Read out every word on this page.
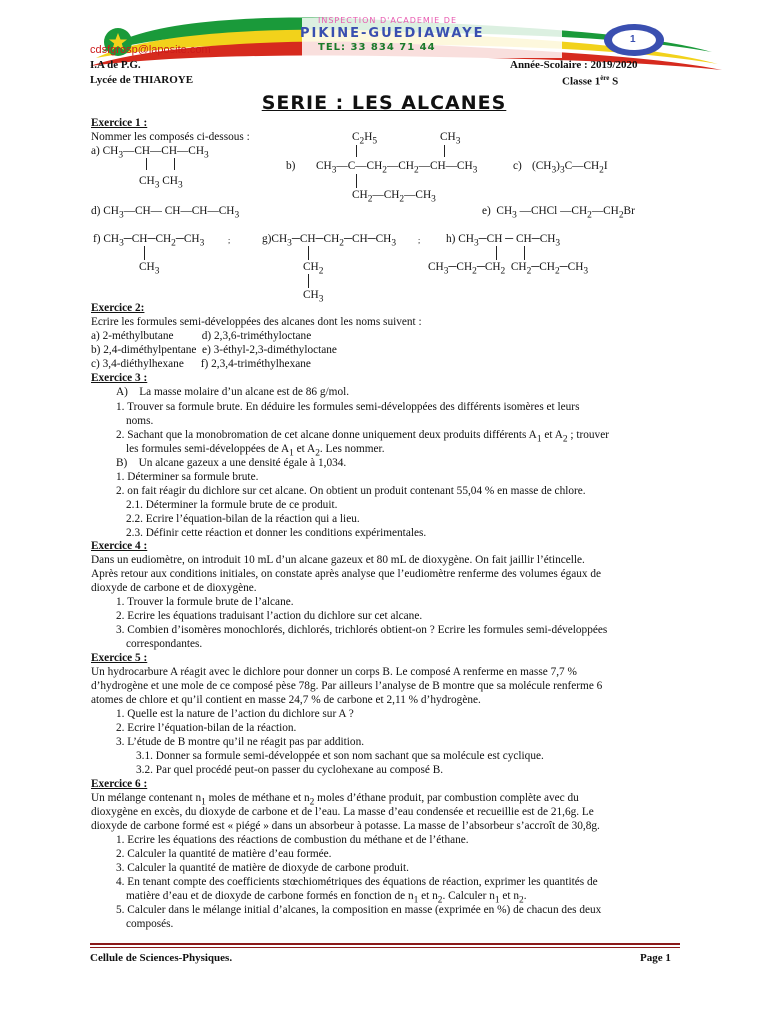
INSPECTION D'ACADEMIE DE
PIKINE-GUEDIAWAYE
TEL: 33 834 71 44
cdsfgrosp@laposite.com
1
I.A de P.G.
Lycée de THIAROYE
Année-Scolaire : 2019/2020
Classe 1ère S
SERIE : LES ALCANES
Exercice 1 :
Nommer les composés ci-dessous :
a) $CH_3—CH—CH—CH_3$
$CH_3$ $CH_3$
$C_2H_5$	$CH_3$
b) $CH_3—C—CH_2—CH_2—CH—CH_3$
$CH_2—CH_2—CH_3$
c) $(CH_3)_3C—CH_2I$
d) $CH_3—CH—$ $CH—CH—CH_3$	e)  $CH_3$ —CHCl $—CH_2—CH_2Br$
f) $CH_3─CH─CH_2─CH_3$	;
$CH_3$
$g)CH_3─CH─CH_2─CH─CH_3$	;
$CH_2$
$CH_3$
h) $CH_3─CH$ ─ $CH─CH_3$
$CH_3─CH_2─CH_2$  $CH_2─CH_2─CH_3$
Exercice 2:
Ecrire les formules semi-développées des alcanes dont les noms suivent :
a) 2-méthylbutane          d) 2,3,6-triméthyloctane
b) 2,4-diméthylpentane  e) 3-éthyl-2,3-diméthyloctane
c) 3,4-diéthylhexane      f) 2,3,4-triméthylhexane
Exercice 3 :
A)    La masse molaire d’un alcane est de 86 g/mol.
1. Trouver sa formule brute. En déduire les formules semi-développées des différents isomères et leurs
noms.
2. Sachant que la monobromation de cet alcane donne uniquement deux produits différents $A_1$ et $A_2$ ; trouver
les formules semi-développées de $A_1$ et $A_2$. Les nommer.
B)    Un alcane gazeux a une densité égale à 1,034.
1. Déterminer sa formule brute.
2. on fait réagir du dichlore sur cet alcane. On obtient un produit contenant 55,04 % en masse de chlore.
2.1. Déterminer la formule brute de ce produit.
2.2. Ecrire l’équation-bilan de la réaction qui a lieu.
2.3. Définir cette réaction et donner les conditions expérimentales.
Exercice 4 :
Dans un eudiomètre, on introduit 10 mL d’un alcane gazeux et 80 mL de dioxygène. On fait jaillir l’étincelle.
Après retour aux conditions initiales, on constate après analyse que l’eudiomètre renferme des volumes égaux de
dioxyde de carbone et de dioxygène.
1. Trouver la formule brute de l’alcane.
2. Ecrire les équations traduisant l’action du dichlore sur cet alcane.
3. Combien d’isomères monochlorés, dichlorés, trichlorés obtient-on ? Ecrire les formules semi-développées
correspondantes.
Exercice 5 :
Un hydrocarbure A réagit avec le dichlore pour donner un corps B. Le composé A renferme en masse 7,7 %
d’hydrogène et une mole de ce composé pèse 78g. Par ailleurs l’analyse de B montre que sa molécule renferme 6
atomes de chlore et qu’il contient en masse 24,7 % de carbone et 2,11 % d’hydrogène.
1. Quelle est la nature de l’action du dichlore sur A ?
2. Ecrire l’équation-bilan de la réaction.
3. L’étude de B montre qu’il ne réagit pas par addition.
3.1. Donner sa formule semi-développée et son nom sachant que sa molécule est cyclique.
3.2. Par quel procédé peut-on passer du cyclohexane au composé B.
Exercice 6 :
Un mélange contenant $n_1$ moles de méthane et $n_2$ moles d’éthane produit, par combustion complète avec du
dioxygène en excès, du dioxyde de carbone et de l’eau. La masse d’eau condensée et recueillie est de 21,6g. Le
dioxyde de carbone formé est « piégé » dans un absorbeur à potasse. La masse de l’absorbeur s’accroît de 30,8g.
1. Ecrire les équations des réactions de combustion du méthane et de l’éthane.
2. Calculer la quantité de matière d’eau formée.
3. Calculer la quantité de matière de dioxyde de carbone produit.
4. En tenant compte des coefficients stœchiométriques des équations de réaction, exprimer les quantités de
matière d’eau et de dioxyde de carbone formés en fonction de $n_1$ et $n_2$. Calculer $n_1$ et $n_2$.
5. Calculer dans le mélange initial d’alcanes, la composition en masse (exprimée en %) de chacun des deux
composés.
Cellule de Sciences-Physiques.	Page 1
